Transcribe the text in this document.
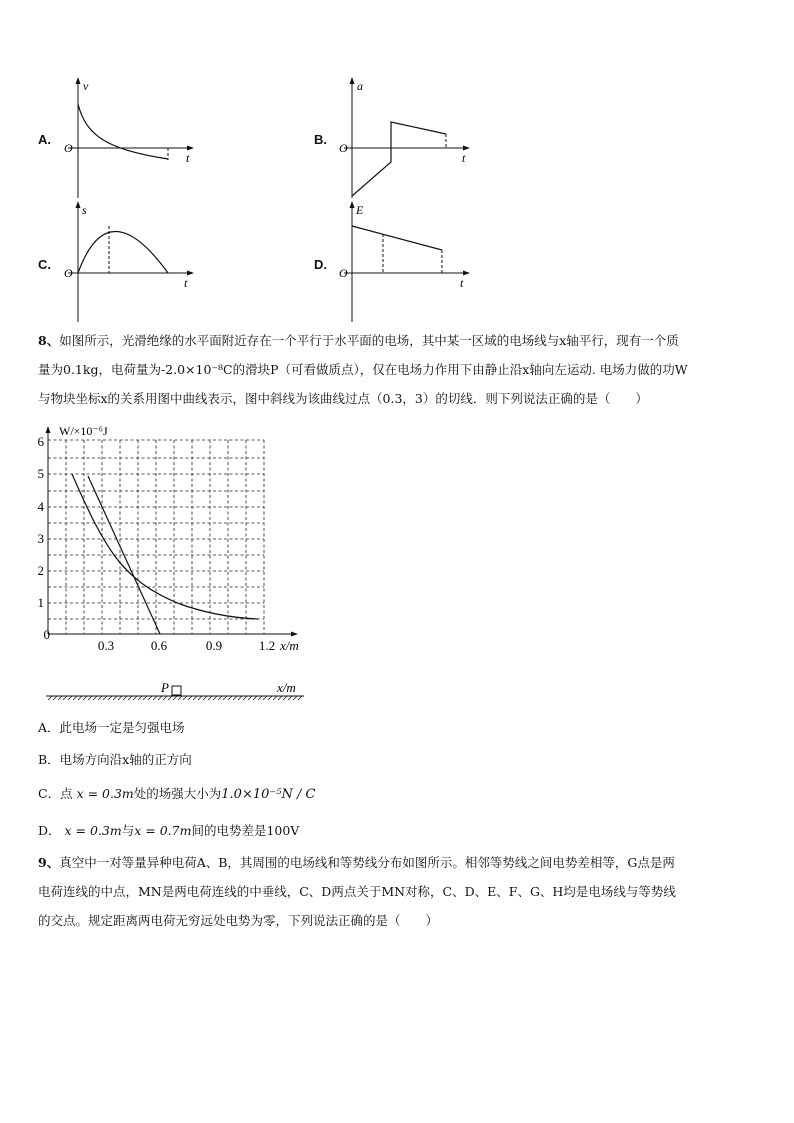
A.
v
O
t
B.
a
O
t
C.
s
O
t
D.
E
O
t
8、如图所示，光滑绝缘的水平面附近存在一个平行于水平面的电场，其中某一区域的电场线与x轴平行，现有一个质
量为0.1kg，电荷量为-2.0×10⁻⁸C的滑块P（可看做质点），仅在电场力作用下由静止沿x轴向左运动. 电场力做的功W
与物块坐标x的关系用图中曲线表示，图中斜线为该曲线过点（0.3，3）的切线．则下列说法正确的是（　　）
W/×10⁻⁶J
0
1
2
3
4
5
6
0.3	0.6	0.9	1.2 x/m
P	x/m
A．此电场一定是匀强电场
B．电场方向沿x轴的正方向
C．点 x = 0.3m处的场强大小为1.0×10⁻⁵N / C
D． x = 0.3m与x = 0.7m间的电势差是100V
9、真空中一对等量异种电荷A、B，其周围的电场线和等势线分布如图所示。相邻等势线之间电势差相等，G点是两
电荷连线的中点，MN是两电荷连线的中垂线，C、D两点关于MN对称，C、D、E、F、G、H均是电场线与等势线
的交点。规定距离两电荷无穷远处电势为零，下列说法正确的是（　　）
